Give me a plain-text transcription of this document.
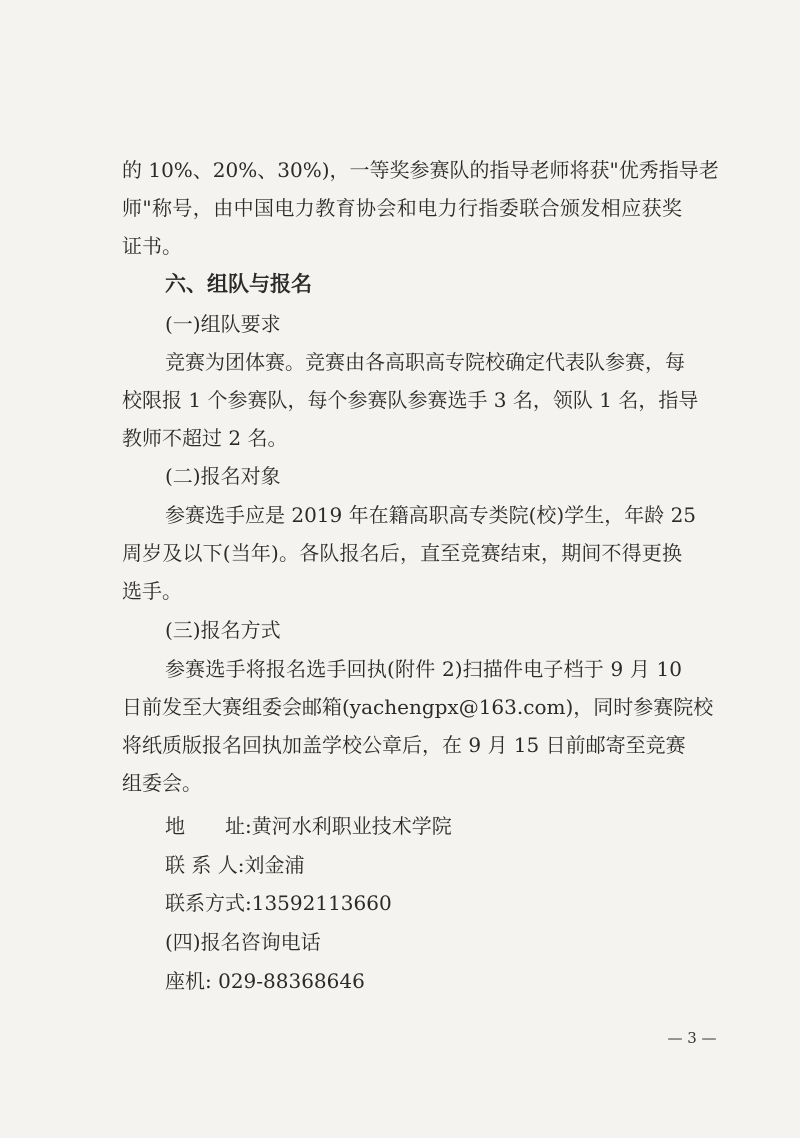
的 10%、20%、30%)，一等奖参赛队的指导老师将获"优秀指导老
师"称号，由中国电力教育协会和电力行指委联合颁发相应获奖
证书。
六、组队与报名
(一)组队要求
竞赛为团体赛。竞赛由各高职高专院校确定代表队参赛，每
校限报 1 个参赛队，每个参赛队参赛选手 3 名，领队 1 名，指导
教师不超过 2 名。
(二)报名对象
参赛选手应是 2019 年在籍高职高专类院(校)学生，年龄 25
周岁及以下(当年)。各队报名后，直至竞赛结束，期间不得更换
选手。
(三)报名方式
参赛选手将报名选手回执(附件 2)扫描件电子档于 9 月 10
日前发至大赛组委会邮箱(yachengpx@163.com)，同时参赛院校
将纸质版报名回执加盖学校公章后，在 9 月 15 日前邮寄至竞赛
组委会。
地　　址:黄河水利职业技术学院
联 系 人:刘金浦
联系方式:13592113660
(四)报名咨询电话
座机: 029-88368646
— 3 —
